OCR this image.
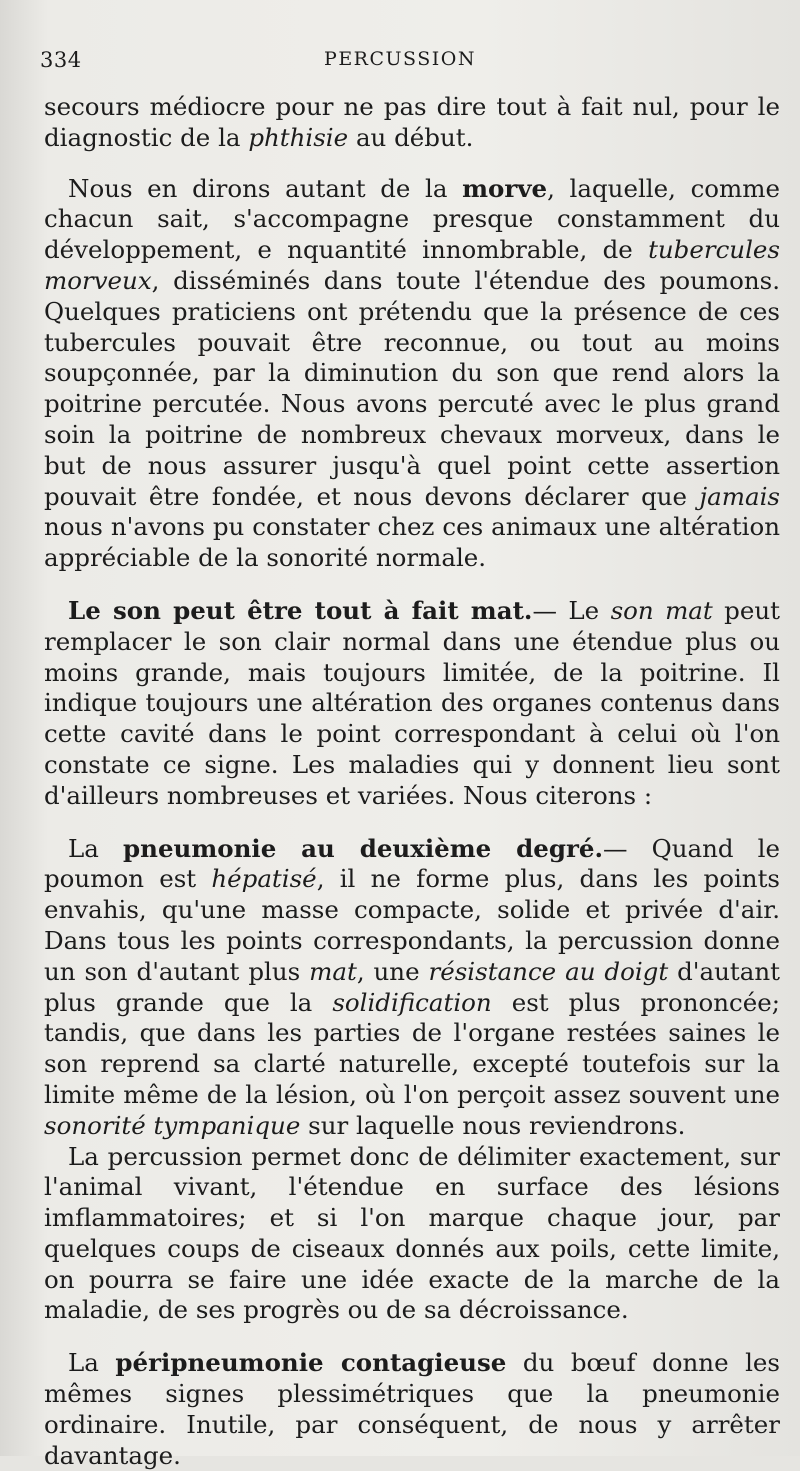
334	PERCUSSION

secours médiocre pour ne pas dire tout à fait nul, pour le diagnostic de la phthisie au début.

Nous en dirons autant de la morve, laquelle, comme chacun sait, s'accompagne presque constamment du développement, e nquantité innombrable, de tubercules morveux, disséminés dans toute l'étendue des poumons. Quelques praticiens ont prétendu que la présence de ces tubercules pouvait être reconnue, ou tout au moins soupçonnée, par la diminution du son que rend alors la poitrine percutée. Nous avons percuté avec le plus grand soin la poitrine de nombreux chevaux morveux, dans le but de nous assurer jusqu'à quel point cette assertion pouvait être fondée, et nous devons déclarer que jamais nous n'avons pu constater chez ces animaux une altération appréciable de la sonorité normale.

Le son peut être tout à fait mat.— Le son mat peut remplacer le son clair normal dans une étendue plus ou moins grande, mais toujours limitée, de la poitrine. Il indique toujours une altération des organes contenus dans cette cavité dans le point correspondant à celui où l'on constate ce signe. Les maladies qui y donnent lieu sont d'ailleurs nombreuses et variées. Nous citerons :

La pneumonie au deuxième degré.— Quand le poumon est hépatisé, il ne forme plus, dans les points envahis, qu'une masse compacte, solide et privée d'air. Dans tous les points correspondants, la percussion donne un son d'autant plus mat, une résistance au doigt d'autant plus grande que la solidification est plus prononcée; tandis, que dans les parties de l'organe restées saines le son reprend sa clarté naturelle, excepté toutefois sur la limite même de la lésion, où l'on perçoit assez souvent une sonorité tympanique sur laquelle nous reviendrons.

La percussion permet donc de délimiter exactement, sur l'animal vivant, l'étendue en surface des lésions imflammatoires; et si l'on marque chaque jour, par quelques coups de ciseaux donnés aux poils, cette limite, on pourra se faire une idée exacte de la marche de la maladie, de ses progrès ou de sa décroissance.

La péripneumonie contagieuse du bœuf donne les mêmes signes plessimétriques que la pneumonie ordinaire. Inutile, par conséquent, de nous y arrêter davantage.
